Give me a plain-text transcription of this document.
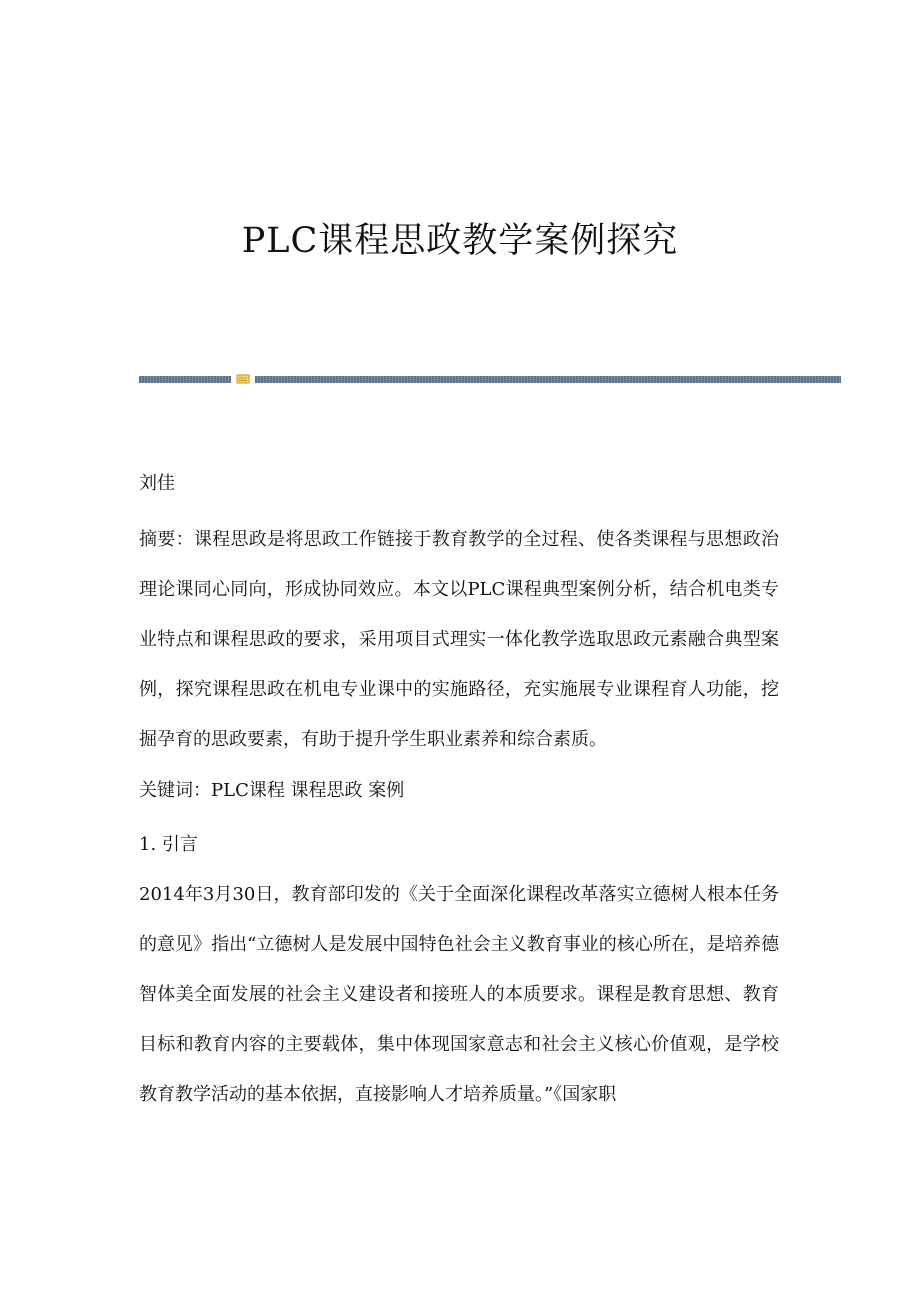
PLC课程思政教学案例探究

刘佳

摘要：课程思政是将思政工作链接于教育教学的全过程、使各类课程与思想政治理论课同心同向，形成协同效应。本文以PLC课程典型案例分析，结合机电类专业特点和课程思政的要求，采用项目式理实一体化教学选取思政元素融合典型案例，探究课程思政在机电专业课中的实施路径，充实施展专业课程育人功能，挖掘孕育的思政要素，有助于提升学生职业素养和综合素质。

关键词：PLC课程 课程思政 案例

1. 引言

2014年3月30日，教育部印发的《关于全面深化课程改革落实立德树人根本任务的意见》指出“立德树人是发展中国特色社会主义教育事业的核心所在，是培养德智体美全面发展的社会主义建设者和接班人的本质要求。课程是教育思想、教育目标和教育内容的主要载体，集中体现国家意志和社会主义核心价值观，是学校教育教学活动的基本依据，直接影响人才培养质量。”《国家职
